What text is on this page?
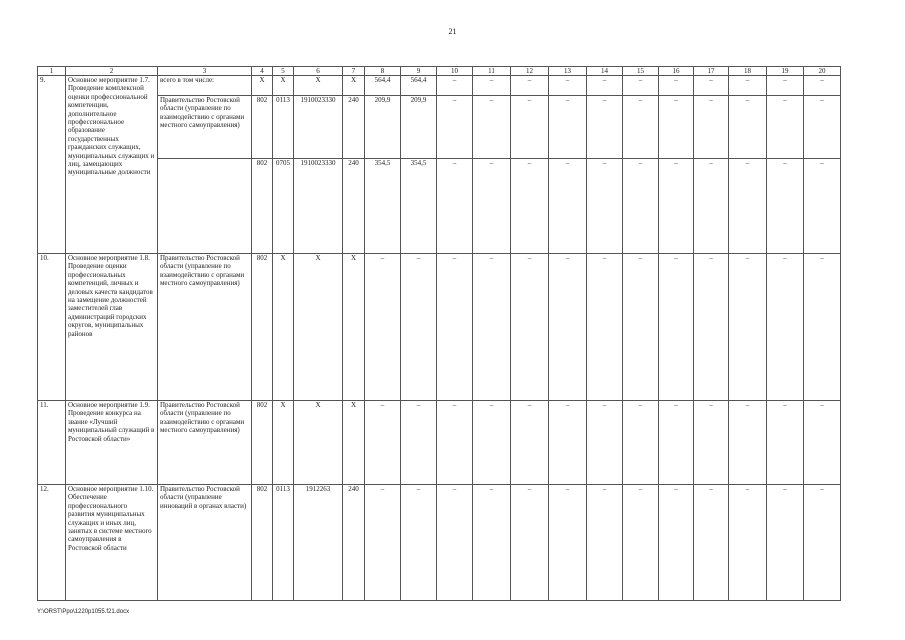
21
1	2	3	4	5	6	7	8	9	10	11	12	13	14	15	16	17	18	19	20
9.	Основное мероприятие 1.7. Проведение комплексной оценки профессиональной компетенции, дополнительное профессиональное образование государственных гражданских служащих, муниципальных служащих и лиц, замещающих муниципальные должности	всего в том числе:	Х	Х	Х	Х	564,4	564,4	–	–	–	–	–	–	–	–	–	–	–
		Правительство Ростовской области (управление по взаимодействию с органами местного самоуправления)	802	0113	1910023330	240	209,9	209,9	–	–	–	–	–	–	–	–	–	–	–
			802	0705	1910023330	240	354,5	354,5	–	–	–	–	–	–	–	–	–	–	–
10.	Основное мероприятие 1.8. Проведение оценки профессиональных компетенций, личных и деловых качеств кандидатов на замещение должностей заместителей глав администраций городских округов, муниципальных районов	Правительство Ростовской области (управление по взаимодействию с органами местного самоуправления)	802	Х	Х	Х	–	–	–	–	–	–	–	–	–	–	–	–	–
11.	Основное мероприятие 1.9. Проведение конкурса на звание «Лучший муниципальный служащий в Ростовской области»	Правительство Ростовской области (управление по взаимодействию с органами местного самоуправления)	802	Х	Х	Х	–	–	–	–	–	–	–	–	–	–	–	–	–
12.	Основное мероприятие 1.10. Обеспечение профессионального развития муниципальных служащих и иных лиц, занятых в системе местного самоуправления в Ростовской области	Правительство Ростовской области (управление инноваций в органах власти)	802	0113	1912263	240	–	–	–	–	–	–	–	–	–	–	–	–	–
Y:\ORST\Ppo\1220p1055.f21.docx
